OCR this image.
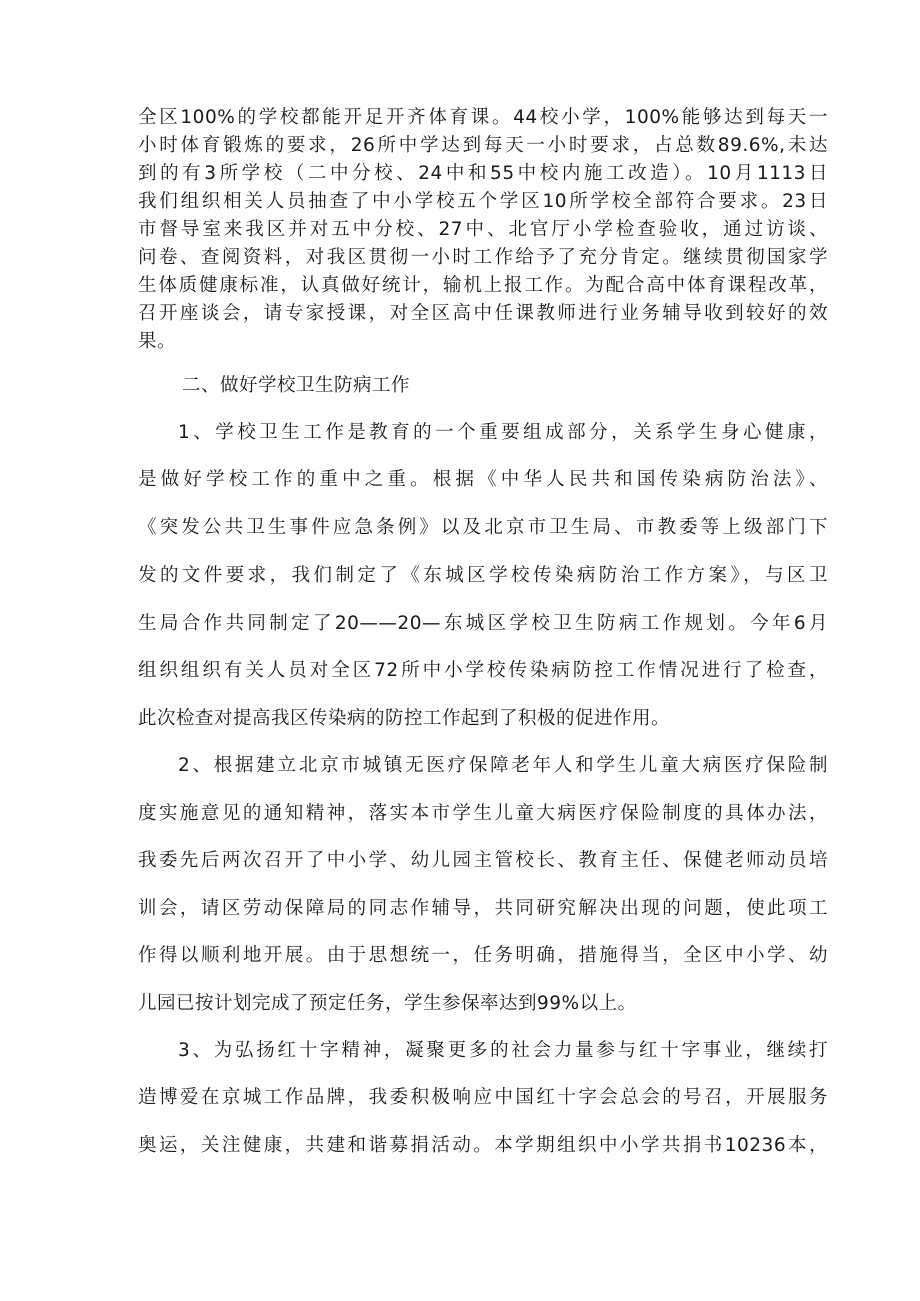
全区100%的学校都能开足开齐体育课。44校小学，100%能够达到每天一
小时体育锻炼的要求，26所中学达到每天一小时要求，占总数89.6%,未达
到的有3所学校（二中分校、24中和55中校内施工改造）。10月1113日
我们组织相关人员抽查了中小学校五个学区10所学校全部符合要求。23日
市督导室来我区并对五中分校、27中、北官厅小学检查验收，通过访谈、
问卷、查阅资料，对我区贯彻一小时工作给予了充分肯定。继续贯彻国家学
生体质健康标准，认真做好统计，输机上报工作。为配合高中体育课程改革，
召开座谈会，请专家授课，对全区高中任课教师进行业务辅导收到较好的效
果。
二、做好学校卫生防病工作
1、学校卫生工作是教育的一个重要组成部分，关系学生身心健康，
是做好学校工作的重中之重。根据《中华人民共和国传染病防治法》、
《突发公共卫生事件应急条例》以及北京市卫生局、市教委等上级部门下
发的文件要求，我们制定了《东城区学校传染病防治工作方案》，与区卫
生局合作共同制定了20——20—东城区学校卫生防病工作规划。今年6月
组织组织有关人员对全区72所中小学校传染病防控工作情况进行了检查，
此次检查对提高我区传染病的防控工作起到了积极的促进作用。
2、根据建立北京市城镇无医疗保障老年人和学生儿童大病医疗保险制
度实施意见的通知精神，落实本市学生儿童大病医疗保险制度的具体办法，
我委先后两次召开了中小学、幼儿园主管校长、教育主任、保健老师动员培
训会，请区劳动保障局的同志作辅导，共同研究解决出现的问题，使此项工
作得以顺利地开展。由于思想统一，任务明确，措施得当，全区中小学、幼
儿园已按计划完成了预定任务，学生参保率达到99%以上。
3、为弘扬红十字精神，凝聚更多的社会力量参与红十字事业，继续打
造博爱在京城工作品牌，我委积极响应中国红十字会总会的号召，开展服务
奥运，关注健康，共建和谐募捐活动。本学期组织中小学共捐书10236本，
